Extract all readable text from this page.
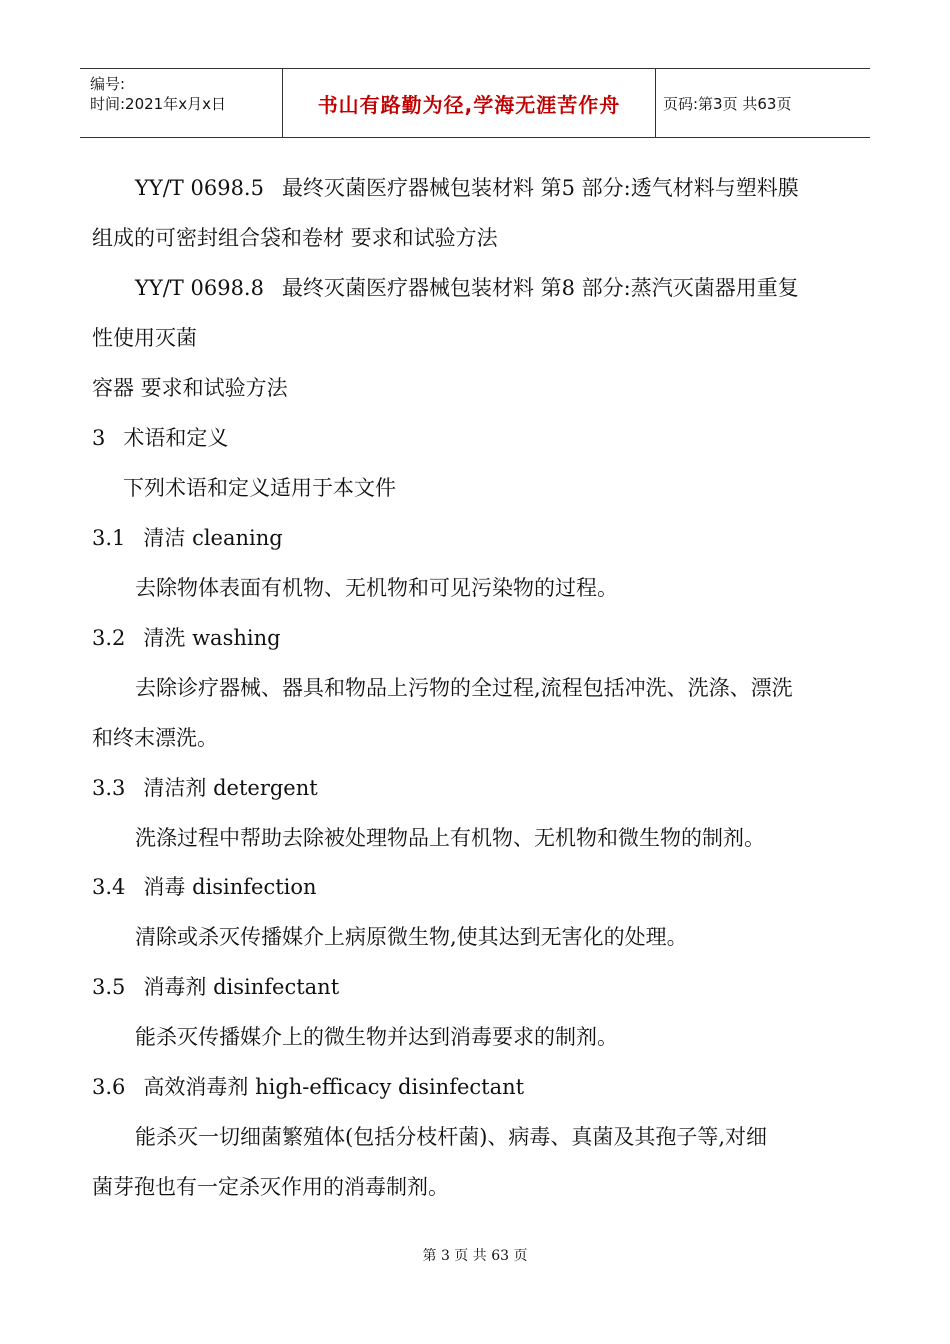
编号:
时间:2021年x月x日	书山有路勤为径,学海无涯苦作舟	页码:第3页 共63页
YY/T 0698.5 最终灭菌医疗器械包装材料 第5 部分:透气材料与塑料膜
组成的可密封组合袋和卷材 要求和试验方法
YY/T 0698.8 最终灭菌医疗器械包装材料 第8 部分:蒸汽灭菌器用重复
性使用灭菌
容器 要求和试验方法
3 术语和定义
下列术语和定义适用于本文件
3.1 清洁 cleaning
去除物体表面有机物、无机物和可见污染物的过程。
3.2 清洗 washing
去除诊疗器械、器具和物品上污物的全过程,流程包括冲洗、洗涤、漂洗
和终末漂洗。
3.3 清洁剂 detergent
洗涤过程中帮助去除被处理物品上有机物、无机物和微生物的制剂。
3.4 消毒 disinfection
清除或杀灭传播媒介上病原微生物,使其达到无害化的处理。
3.5 消毒剂 disinfectant
能杀灭传播媒介上的微生物并达到消毒要求的制剂。
3.6 高效消毒剂 high-efficacy disinfectant
能杀灭一切细菌繁殖体(包括分枝杆菌)、病毒、真菌及其孢子等,对细
菌芽孢也有一定杀灭作用的消毒制剂。
第 3 页 共 63 页
